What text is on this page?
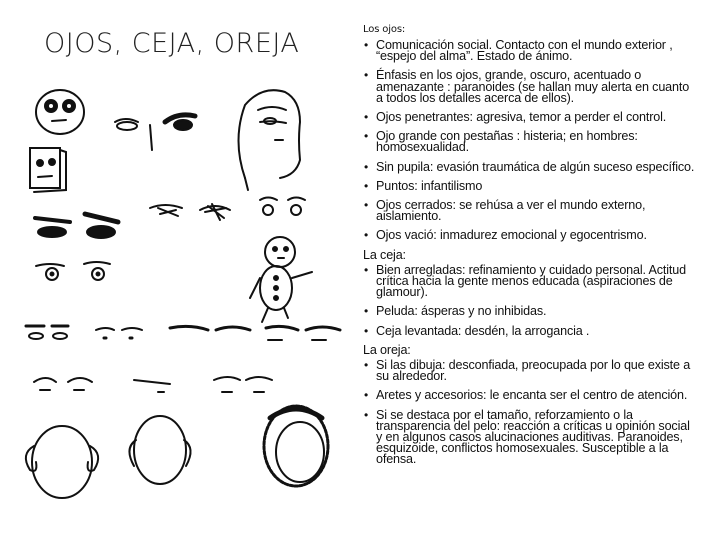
OJOS, CEJA, OREJA	Los ojos:
• Comunicación social. Contacto con el mundo exterior , “espejo del alma”. Estado de ánimo.
• Énfasis en los ojos, grande, oscuro, acentuado o amenazante : paranoides (se hallan muy alerta en cuanto a todos los detalles acerca de ellos).
• Ojos penetrantes: agresiva, temor a perder el control.
• Ojo grande con pestañas : histeria; en hombres: homosexualidad.
• Sin pupila: evasión traumática de algún suceso específico.
• Puntos: infantilismo
• Ojos cerrados: se rehúsa a ver el mundo externo, aislamiento.
• Ojos vació: inmadurez emocional y egocentrismo.
La ceja:
• Bien arregladas: refinamiento y cuidado personal. Actitud crítica hacia la gente menos educada (aspiraciones de glamour).
• Peluda: ásperas y no inhibidas.
• Ceja levantada: desdén, la arrogancia .
La oreja:
• Si las dibuja: desconfiada, preocupada por lo que existe a su alrededor.
• Aretes y accesorios: le encanta ser el centro de atención.
• Si se destaca por el tamaño, reforzamiento o la transparencia del pelo: reacción a críticas u opinión social y en algunos casos alucinaciones auditivas. Paranoides, esquizoide, conflictos homosexuales. Susceptible a la ofensa.
